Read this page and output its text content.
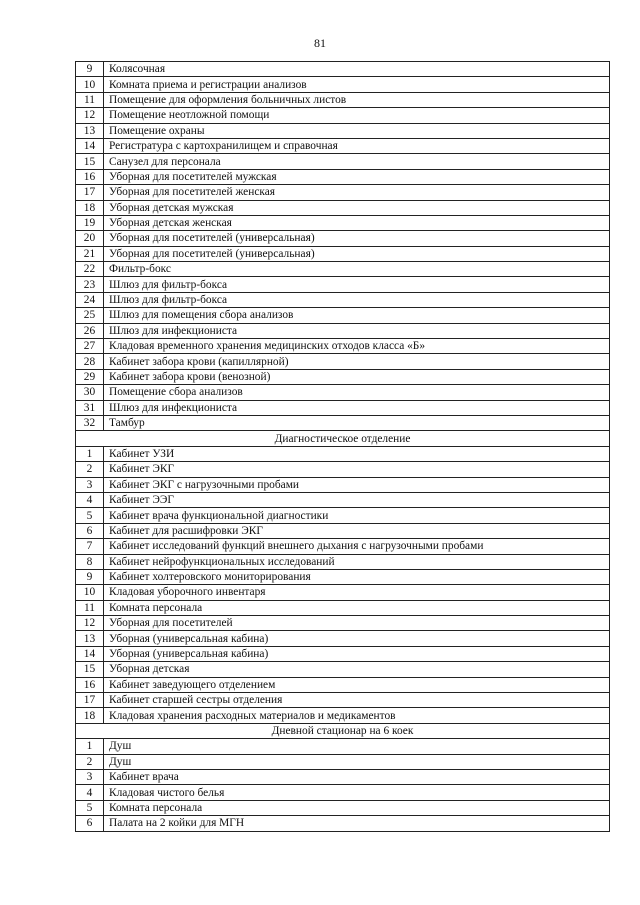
81
9	Колясочная
10	Комната приема и регистрации анализов
11	Помещение для оформления больничных листов
12	Помещение неотложной помощи
13	Помещение охраны
14	Регистратура с картохранилищем и справочная
15	Санузел для персонала
16	Уборная для посетителей мужская
17	Уборная для посетителей женская
18	Уборная детская мужская
19	Уборная детская женская
20	Уборная для посетителей (универсальная)
21	Уборная для посетителей (универсальная)
22	Фильтр-бокс
23	Шлюз для фильтр-бокса
24	Шлюз для фильтр-бокса
25	Шлюз для помещения сбора анализов
26	Шлюз для инфекциониста
27	Кладовая временного хранения медицинских отходов класса «Б»
28	Кабинет забора крови (капиллярной)
29	Кабинет забора крови (венозной)
30	Помещение сбора анализов
31	Шлюз для инфекциониста
32	Тамбур
Диагностическое отделение	
1	Кабинет УЗИ
2	Кабинет ЭКГ
3	Кабинет ЭКГ с нагрузочными пробами
4	Кабинет ЭЭГ
5	Кабинет врача функциональной диагностики
6	Кабинет для расшифровки ЭКГ
7	Кабинет исследований функций внешнего дыхания с нагрузочными пробами
8	Кабинет нейрофункциональных исследований
9	Кабинет холтеровского мониторирования
10	Кладовая уборочного инвентаря
11	Комната персонала
12	Уборная для посетителей
13	Уборная (универсальная кабина)
14	Уборная (универсальная кабина)
15	Уборная детская
16	Кабинет заведующего отделением
17	Кабинет старшей сестры отделения
18	Кладовая хранения расходных материалов и медикаментов
Дневной стационар на 6 коек	
1	Душ
2	Душ
3	Кабинет врача
4	Кладовая чистого белья
5	Комната персонала
6	Палата на 2 койки для МГН
